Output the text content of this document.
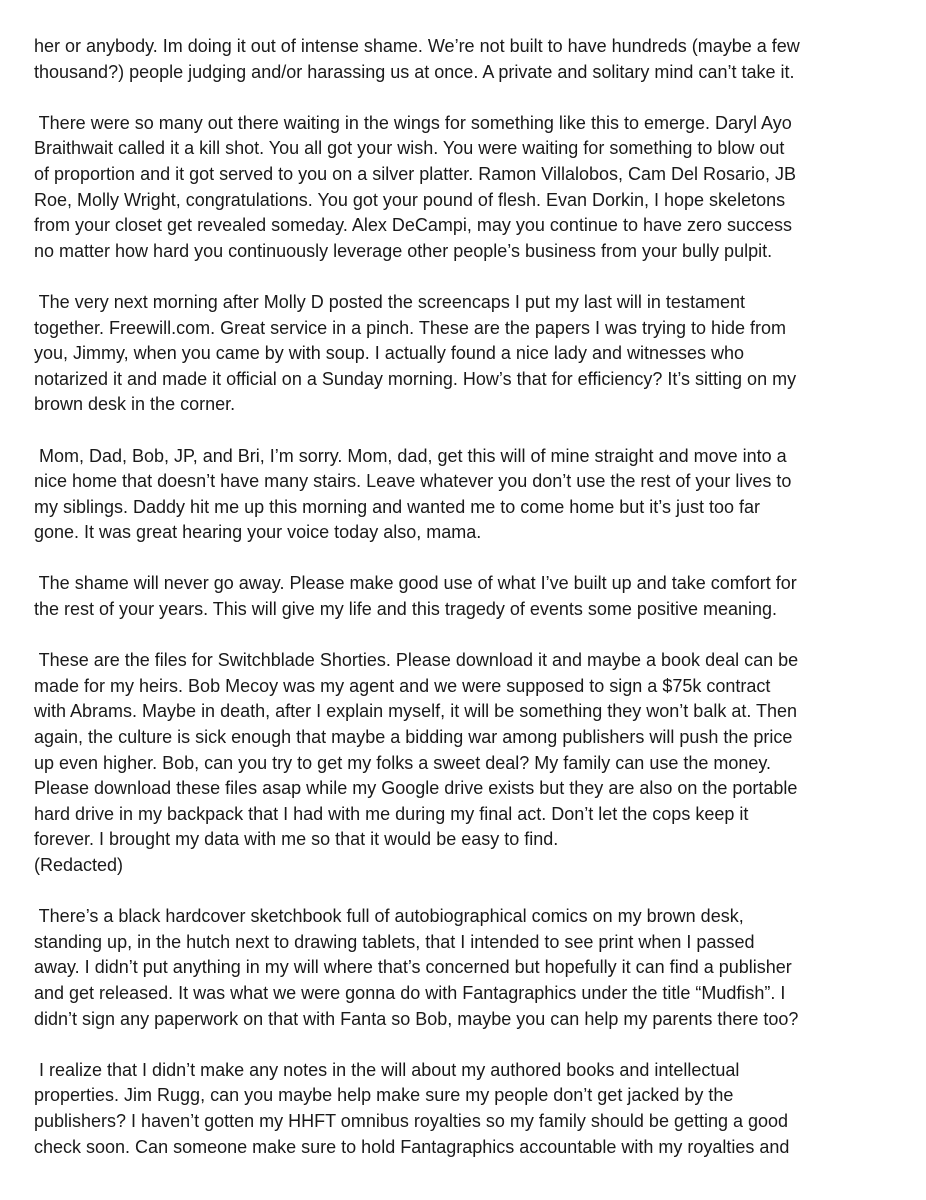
her or anybody. Im doing it out of intense shame. We’re not built to have hundreds (maybe a few
thousand?) people judging and/or harassing us at once. A private and solitary mind can’t take it.

There were so many out there waiting in the wings for something like this to emerge. Daryl Ayo
Braithwait called it a kill shot. You all got your wish. You were waiting for something to blow out
of proportion and it got served to you on a silver platter. Ramon Villalobos, Cam Del Rosario, JB
Roe, Molly Wright, congratulations. You got your pound of flesh. Evan Dorkin, I hope skeletons
from your closet get revealed someday. Alex DeCampi, may you continue to have zero success
no matter how hard you continuously leverage other people’s business from your bully pulpit.

The very next morning after Molly D posted the screencaps I put my last will in testament
together. Freewill.com. Great service in a pinch. These are the papers I was trying to hide from
you, Jimmy, when you came by with soup. I actually found a nice lady and witnesses who
notarized it and made it official on a Sunday morning. How’s that for efficiency? It’s sitting on my
brown desk in the corner.

Mom, Dad, Bob, JP, and Bri, I’m sorry. Mom, dad, get this will of mine straight and move into a
nice home that doesn’t have many stairs. Leave whatever you don’t use the rest of your lives to
my siblings. Daddy hit me up this morning and wanted me to come home but it’s just too far
gone. It was great hearing your voice today also, mama.

The shame will never go away. Please make good use of what I’ve built up and take comfort for
the rest of your years. This will give my life and this tragedy of events some positive meaning.

These are the files for Switchblade Shorties. Please download it and maybe a book deal can be
made for my heirs. Bob Mecoy was my agent and we were supposed to sign a $75k contract
with Abrams. Maybe in death, after I explain myself, it will be something they won’t balk at. Then
again, the culture is sick enough that maybe a bidding war among publishers will push the price
up even higher. Bob, can you try to get my folks a sweet deal? My family can use the money.
Please download these files asap while my Google drive exists but they are also on the portable
hard drive in my backpack that I had with me during my final act. Don’t let the cops keep it
forever. I brought my data with me so that it would be easy to find.
(Redacted)

There’s a black hardcover sketchbook full of autobiographical comics on my brown desk,
standing up, in the hutch next to drawing tablets, that I intended to see print when I passed
away. I didn’t put anything in my will where that’s concerned but hopefully it can find a publisher
and get released. It was what we were gonna do with Fantagraphics under the title “Mudfish”. I
didn’t sign any paperwork on that with Fanta so Bob, maybe you can help my parents there too?

I realize that I didn’t make any notes in the will about my authored books and intellectual
properties. Jim Rugg, can you maybe help make sure my people don’t get jacked by the
publishers? I haven’t gotten my HHFT omnibus royalties so my family should be getting a good
check soon. Can someone make sure to hold Fantagraphics accountable with my royalties and
